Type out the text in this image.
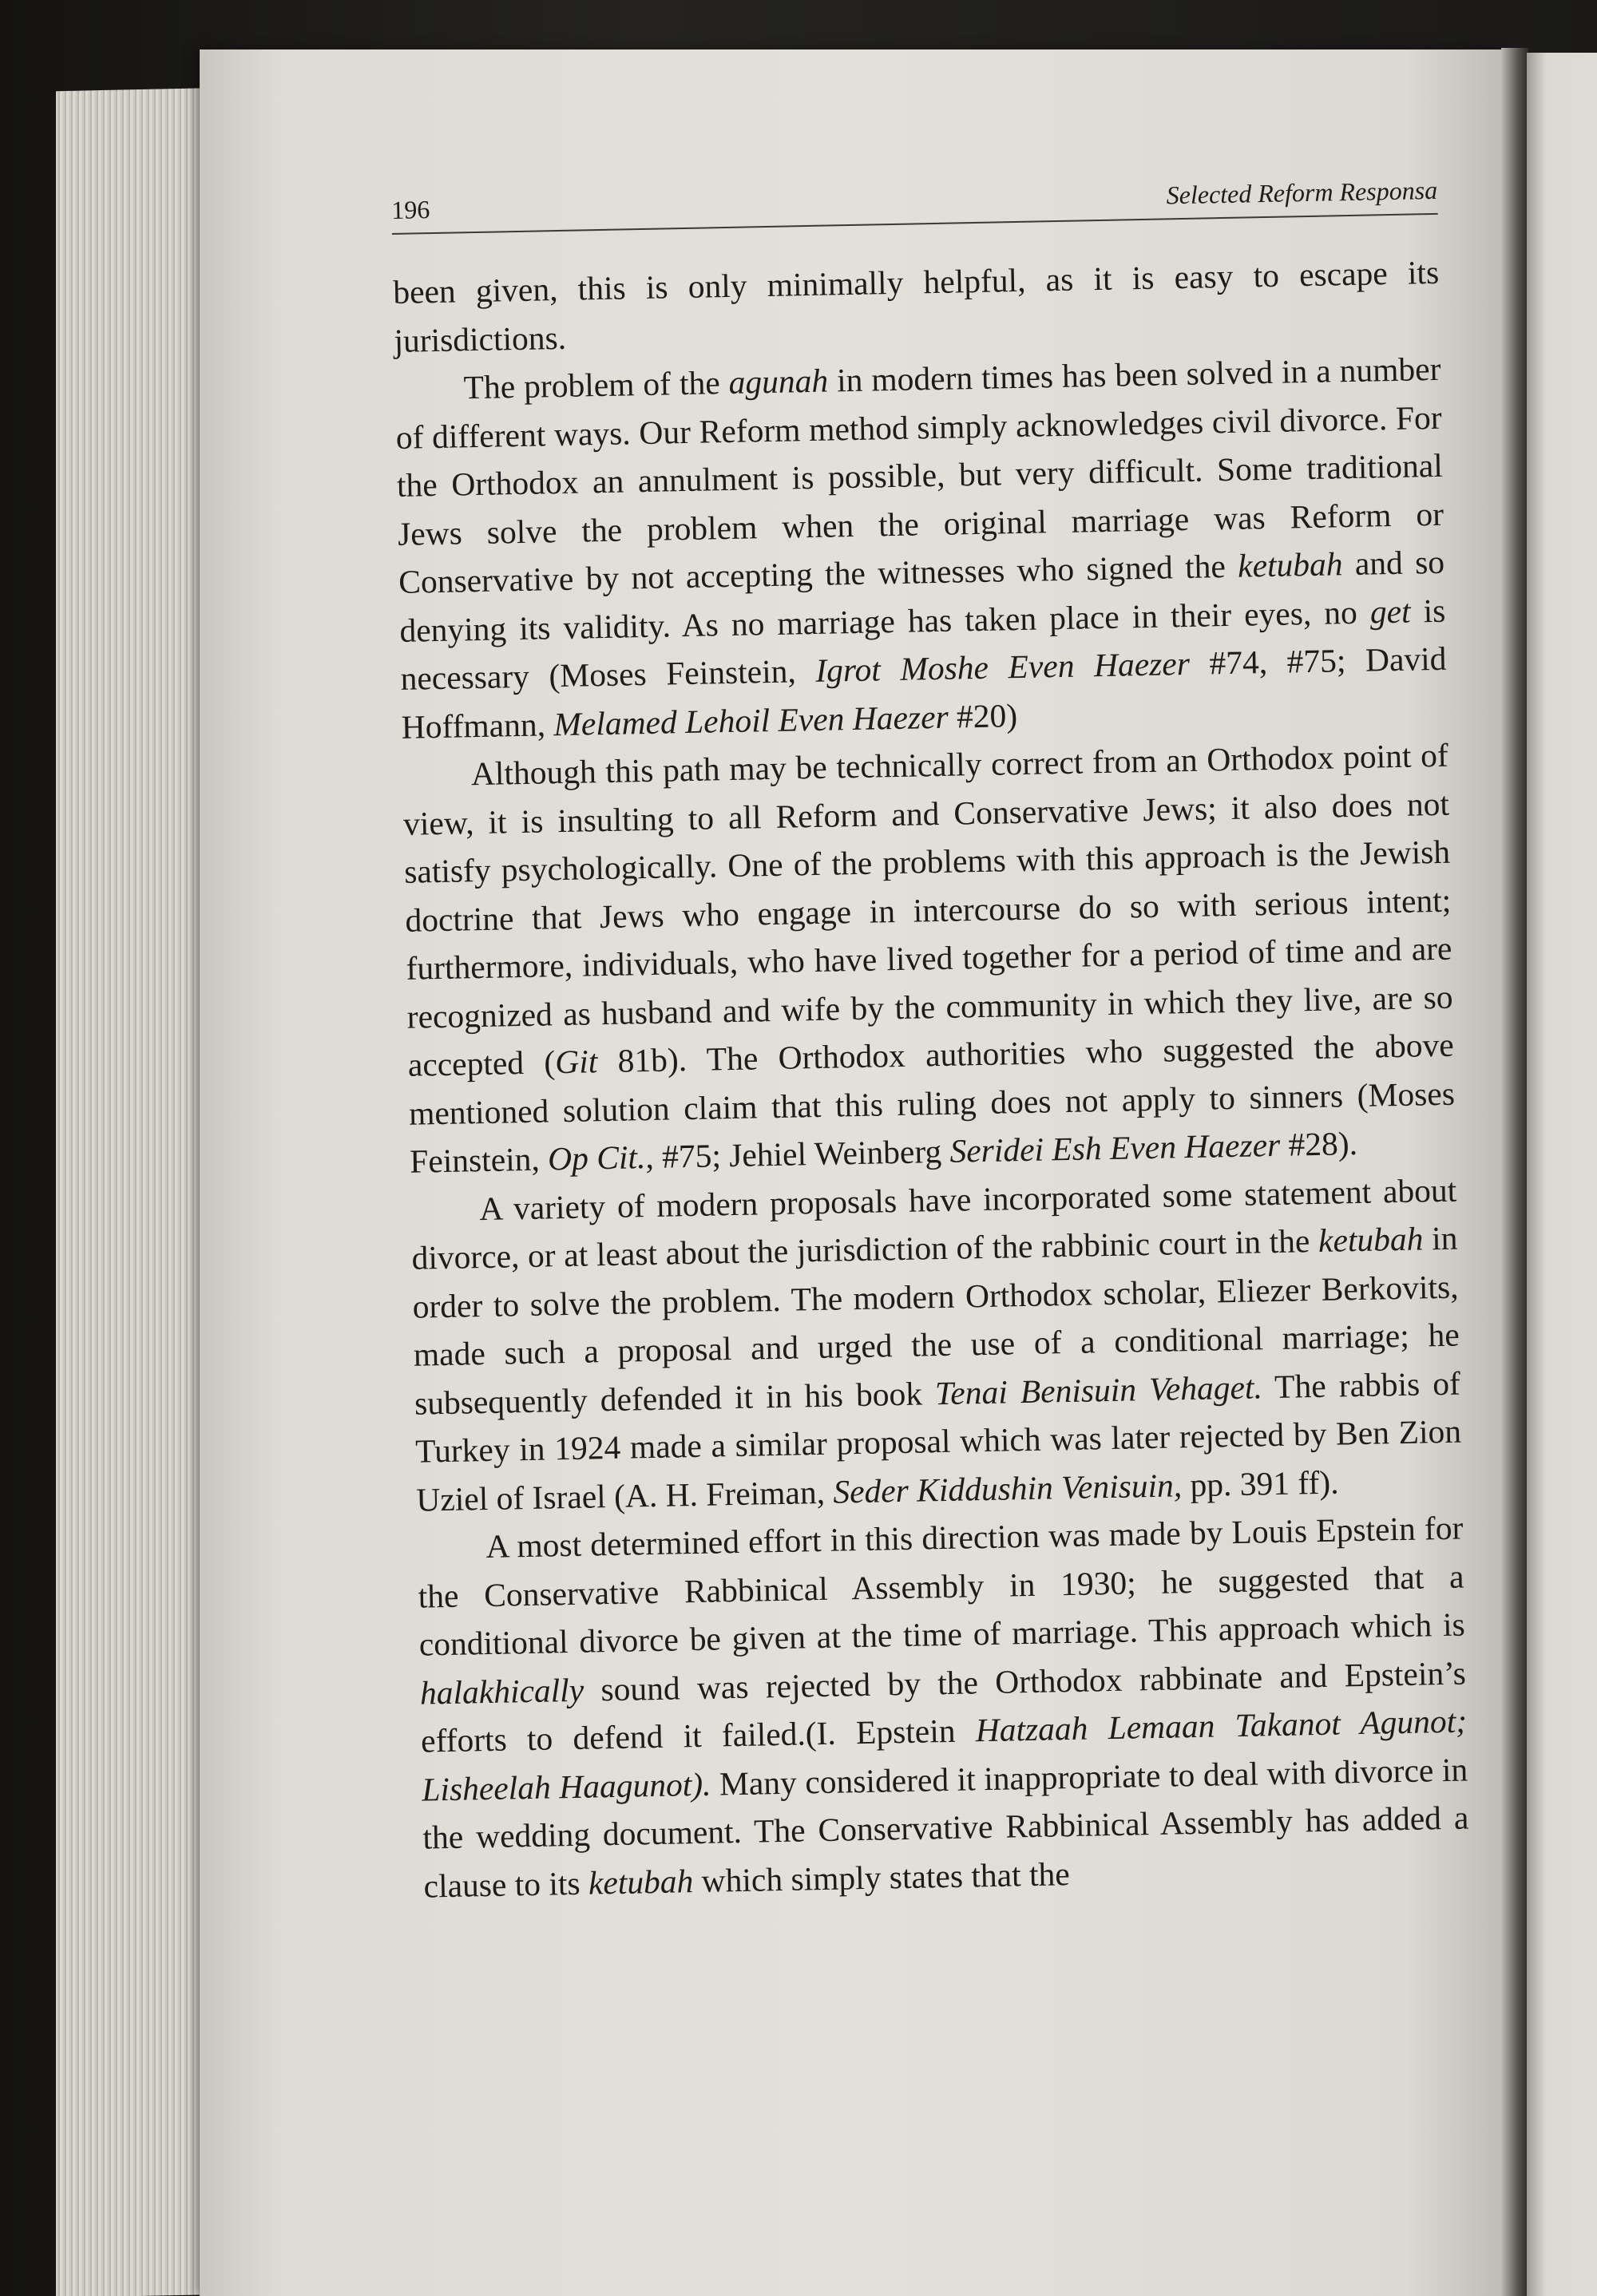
196
Selected Reform Responsa

been given, this is only minimally helpful, as it is easy to escape its jurisdictions.

The problem of the agunah in modern times has been solved in a number of different ways. Our Reform method simply acknowledges civil divorce. For the Orthodox an annulment is possible, but very difficult. Some traditional Jews solve the problem when the original marriage was Reform or Conservative by not accepting the witnesses who signed the ketubah and so denying its validity. As no marriage has taken place in their eyes, no get is necessary (Moses Feinstein, Igrot Moshe Even Haezer #74, #75; David Hoffmann, Melamed Lehoil Even Haezer #20)

Although this path may be technically correct from an Orthodox point of view, it is insulting to all Reform and Conservative Jews; it also does not satisfy psychologically. One of the problems with this approach is the Jewish doctrine that Jews who engage in intercourse do so with serious intent; furthermore, individuals, who have lived together for a period of time and are recognized as husband and wife by the community in which they live, are so accepted (Git 81b). The Orthodox authorities who suggested the above mentioned solution claim that this ruling does not apply to sinners (Moses Feinstein, Op Cit., #75; Jehiel Weinberg Seridei Esh Even Haezer #28).

A variety of modern proposals have incorporated some statement about divorce, or at least about the jurisdiction of the rabbinic court in the ketubah in order to solve the problem. The modern Orthodox scholar, Eliezer Berkovits, made such a proposal and urged the use of a conditional marriage; he subsequently defended it in his book Tenai Benisuin Vehaget. The rabbis of Turkey in 1924 made a similar proposal which was later rejected by Ben Zion Uziel of Israel (A. H. Freiman, Seder Kiddushin Venisuin, pp. 391 ff).

A most determined effort in this direction was made by Louis Epstein for the Conservative Rabbinical Assembly in 1930; he suggested that a conditional divorce be given at the time of marriage. This approach which is halakhically sound was rejected by the Orthodox rabbinate and Epstein’s efforts to defend it failed.(I. Epstein Hatzaah Lemaan Takanot Agunot; Lisheelah Haagunot). Many considered it inappropriate to deal with divorce in the wedding document. The Conservative Rabbinical Assembly has added a clause to its ketubah which simply states that the
